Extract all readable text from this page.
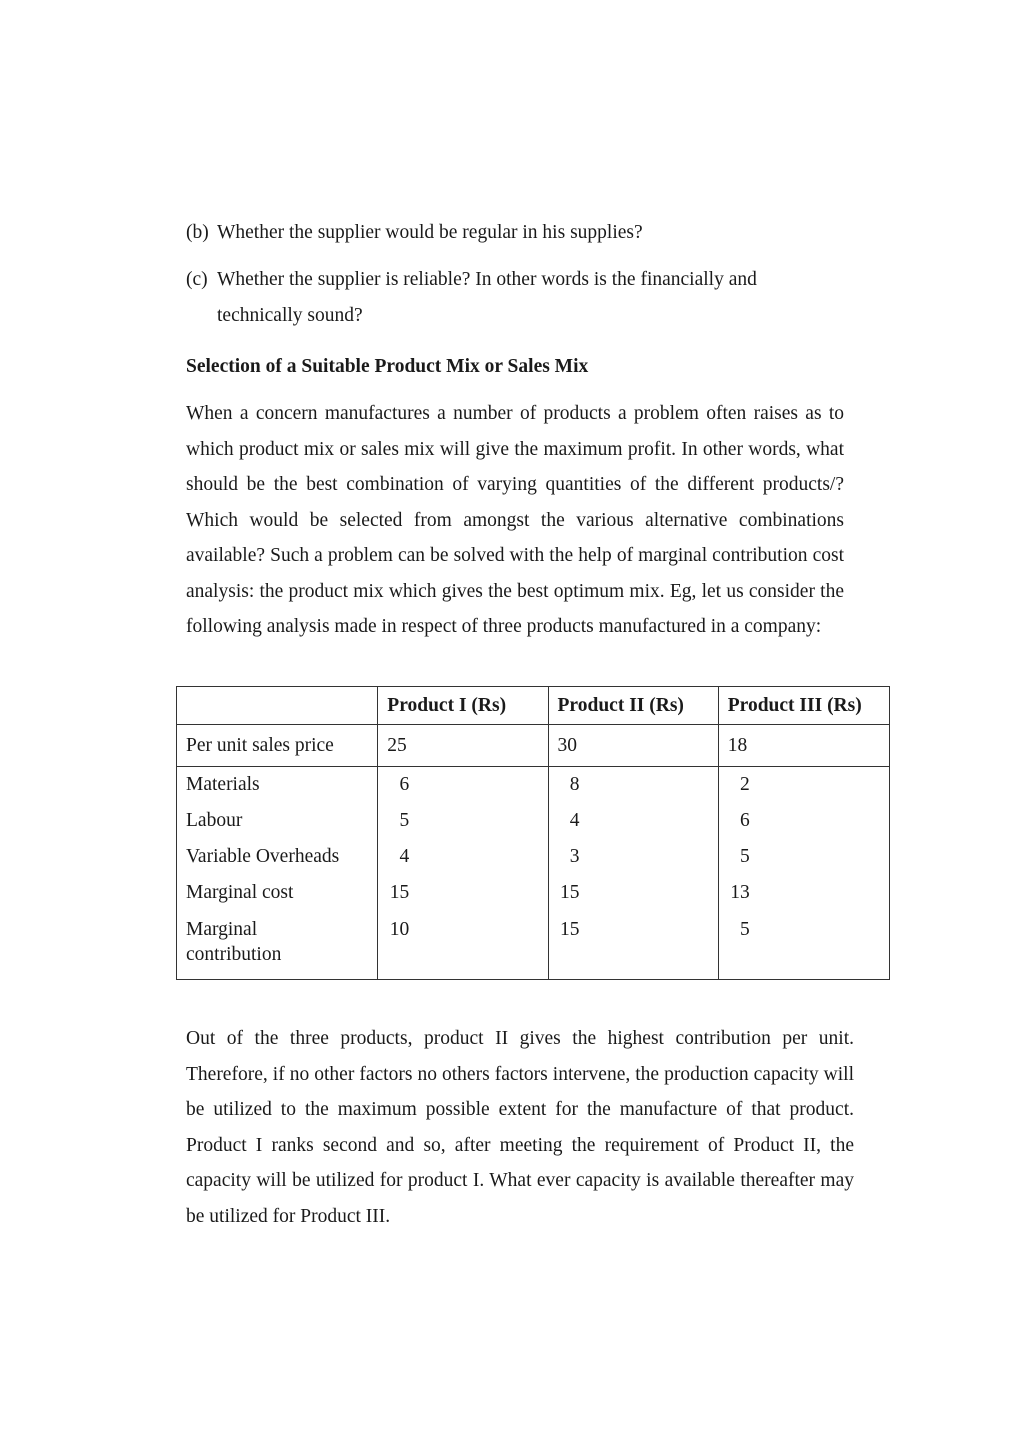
(b) Whether the supplier would be regular in his supplies?
(c) Whether the supplier is reliable? In other words is the financially and
technically sound?
Selection of a Suitable Product Mix or Sales Mix

When a concern manufactures a number of products a problem often raises as to which product mix or sales mix will give the maximum profit. In other words, what should be the best combination of varying quantities of the different products/? Which would be selected from amongst the various alternative combinations available? Such a problem can be solved with the help of marginal contribution cost analysis: the product mix which gives the best optimum mix. Eg, let us consider the following analysis made in respect of three products manufactured in a company:

	Product I (Rs)	Product II (Rs)	Product III (Rs)
Per unit sales price	25	30	18
Materials	6	8	2
Labour	5	4	6
Variable Overheads	4	3	5
Marginal cost	15	15	13
Marginal
contribution	10	15	5

Out of the three products, product II gives the highest contribution per unit. Therefore, if no other factors no others factors intervene, the production capacity will be utilized to the maximum possible extent for the manufacture of that product. Product I ranks second and so, after meeting the requirement of Product II, the capacity will be utilized for product I. What ever capacity is available thereafter may be utilized for Product III.
